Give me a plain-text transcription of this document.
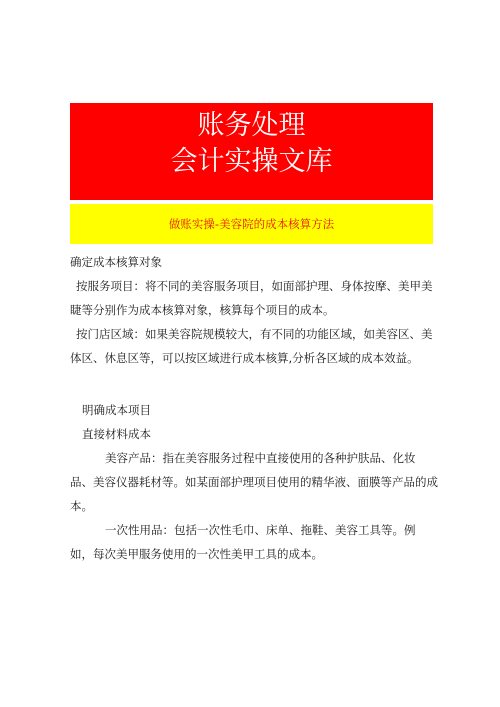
账务处理
会计实操文库
做账实操-美容院的成本核算方法

确定成本核算对象

按服务项目：将不同的美容服务项目，如面部护理、身体按摩、美甲美睫等分别作为成本核算对象，核算每个项目的成本。

按门店区域：如果美容院规模较大，有不同的功能区域，如美容区、美体区、休息区等，可以按区域进行成本核算,分析各区域的成本效益。

明确成本项目

直接材料成本

美容产品：指在美容服务过程中直接使用的各种护肤品、化妆品、美容仪器耗材等。如某面部护理项目使用的精华液、面膜等产品的成本。

一次性用品：包括一次性毛巾、床单、拖鞋、美容工具等。例如，每次美甲服务使用的一次性美甲工具的成本。
